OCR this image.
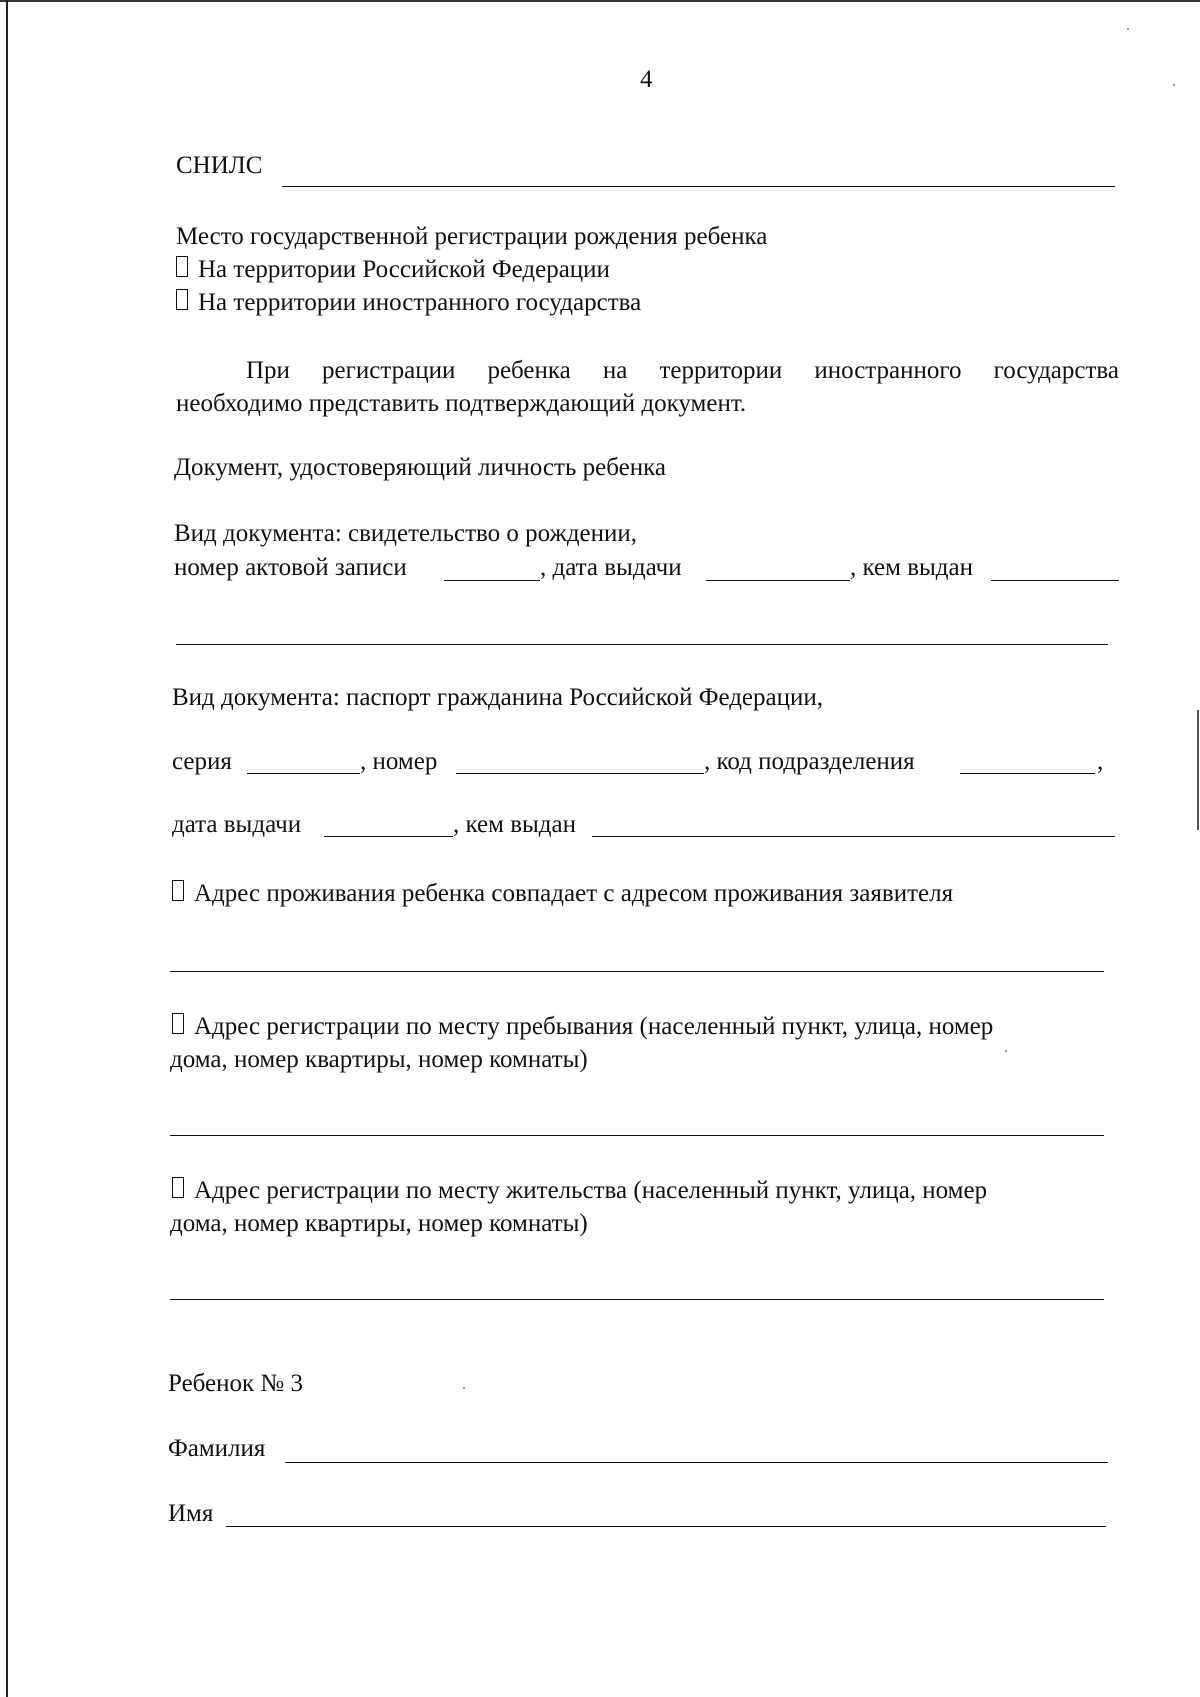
4
СНИЛС
Место государственной регистрации рождения ребенка
На территории Российской Федерации
На территории иностранного государства
При регистрации ребенка на территории иностранного государства
необходимо представить подтверждающий документ.
Документ, удостоверяющий личность ребенка
Вид документа: свидетельство о рождении,
номер актовой записи	, дата выдачи	, кем выдан
Вид документа: паспорт гражданина Российской Федерации,
серия	, номер	, код подразделения	,
дата выдачи	, кем выдан
Адрес проживания ребенка совпадает с адресом проживания заявителя
Адрес регистрации по месту пребывания (населенный пункт, улица, номер
дома, номер квартиры, номер комнаты)
Адрес регистрации по месту жительства (населенный пункт, улица, номер
дома, номер квартиры, номер комнаты)
Ребенок № 3
Фамилия
Имя
